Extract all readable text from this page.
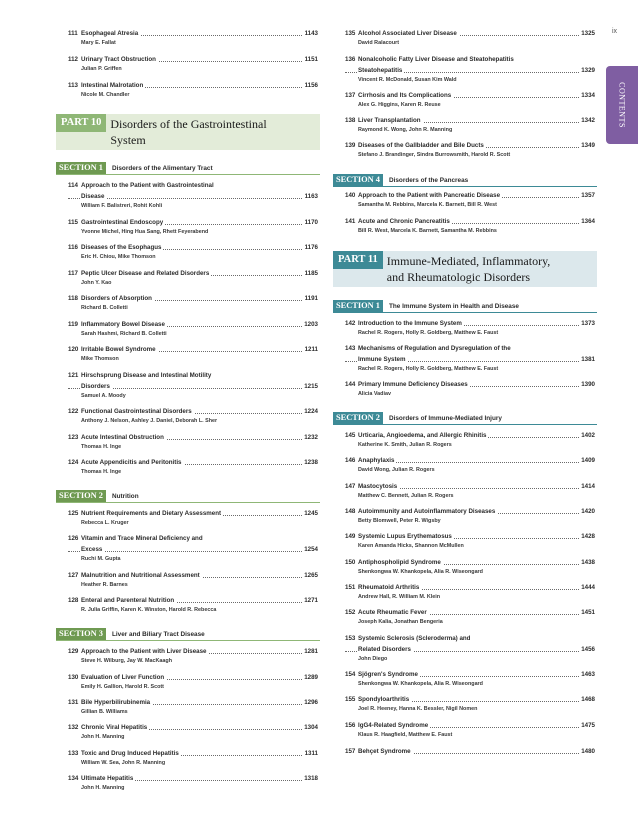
111 Esophageal Atresia	1143
Mary E. Fallat
112 Urinary Tract Obstruction	1151
Julian P. Griffen
113 Intestinal Malrotation	1156
Nicole M. Chandler
PART 10 Disorders of the Gastrointestinal
System
SECTION 1	Disorders of the Alimentary Tract
114 Approach to the Patient with Gastrointestinal
Disease	1163
William F. Balistreri, Rohit Kohli
115 Gastrointestinal Endoscopy	1170
Yvonne Michel, Hing Hua Sang, Rhett Feyerabend
116 Diseases of the Esophagus	1176
Eric H. Chiou, Mike Thomson
117 Peptic Ulcer Disease and Related Disorders	1185
John Y. Kao
118 Disorders of Absorption	1191
Richard B. Colletti
119 Inflammatory Bowel Disease	1203
Sarah Hashmi, Richard B. Colletti
120 Irritable Bowel Syndrome	1211
Mike Thomson
121 Hirschsprung Disease and Intestinal Motility
Disorders	1215
Samuel A. Moody
122 Functional Gastrointestinal Disorders	1224
Anthony J. Nelson, Ashley J. Daniel, Deborah L. Sher
123 Acute Intestinal Obstruction	1232
Thomas H. Inge
124 Acute Appendicitis and Peritonitis	1238
Thomas H. Inge
SECTION 2	Nutrition
125 Nutrient Requirements and Dietary Assessment	1245
Rebecca L. Kruger
126 Vitamin and Trace Mineral Deficiency and
Excess	1254
Ruchi M. Gupta
127 Malnutrition and Nutritional Assessment	1265
Heather R. Barnes
128 Enteral and Parenteral Nutrition	1271
R. Julia Griffin, Karen K. Winston, Harold R. Rebecca
SECTION 3	Liver and Biliary Tract Disease
129 Approach to the Patient with Liver Disease	1281
Steve H. Wilburg, Jay W. MacKaagh
130 Evaluation of Liver Function	1289
Emily H. Gallion, Harold R. Scott
131 Bile Hyperbilirubinemia	1296
Gillian B. Williams
132 Chronic Viral Hepatitis	1304
John H. Manning
133 Toxic and Drug Induced Hepatitis	1311
William W. Sea, John R. Manning
134 Ultimate Hepatitis	1318
John H. Manning
135 Alcohol Associated Liver Disease	1325
David Ralacourt
136 Nonalcoholic Fatty Liver Disease and Steatohepatitis
Steatohepatitis	1329
Vincent R. McDonald, Susan Kim Wald
137 Cirrhosis and Its Complications	1334
Alex G. Higgins, Karen R. Reuse
138 Liver Transplantation	1342
Raymond K. Wong, John R. Manning
139 Diseases of the Gallbladder and Bile Ducts	1349
Stefano J. Brandinger, Sindra Burrowsmith, Harold R. Scott
SECTION 4	Disorders of the Pancreas
140 Approach to the Patient with Pancreatic Disease	1357
Samantha M. Rebbins, Marcela K. Barnett, Bill R. West
141 Acute and Chronic Pancreatitis	1364
Bill R. West, Marcela K. Barnett, Samantha M. Rebbins
PART 11 Immune-Mediated, Inflammatory,
and Rheumatologic Disorders
SECTION 1	The Immune System in Health and Disease
142 Introduction to the Immune System	1373
Rachel R. Rogers, Holly R. Goldberg, Matthew E. Faust
143 Mechanisms of Regulation and Dysregulation of the
Immune System	1381
Rachel R. Rogers, Holly R. Goldberg, Matthew E. Faust
144 Primary Immune Deficiency Diseases	1390
Alicia Vadiav
SECTION 2	Disorders of Immune-Mediated Injury
145 Urticaria, Angioedema, and Allergic Rhinitis	1402
Katherine K. Smith, Julian R. Rogers
146 Anaphylaxis	1409
David Wong, Julian R. Rogers
147 Mastocytosis	1414
Matthew C. Bennett, Julian R. Rogers
148 Autoimmunity and Autoinflammatory Diseases	1420
Betty Blomwell, Peter R. Wigsby
149 Systemic Lupus Erythematosus	1428
Karen Amanda Hicks, Shannon McMullen
150 Antiphospholipid Syndrome	1438
Shenkongwa W. Khankopela, Alia R. Wiseongard
151 Rheumatoid Arthritis	1444
Andrew Hall, R. William M. Klein
152 Acute Rheumatic Fever	1451
Joseph Kalia, Jonathan Bengeria
153 Systemic Sclerosis (Scleroderma) and
Related Disorders	1456
John Diego
154 Sjögren's Syndrome	1463
Shenkongwa W. Khankopela, Alia R. Wiseongard
155 Spondyloarthritis	1468
Joel R. Heeney, Hanna K. Bessler, Nigil Nomen
156 IgG4-Related Syndrome	1475
Klaus R. Haagfield, Matthew E. Faust
157 Behçet Syndrome	1480
ix
CONTENTS
